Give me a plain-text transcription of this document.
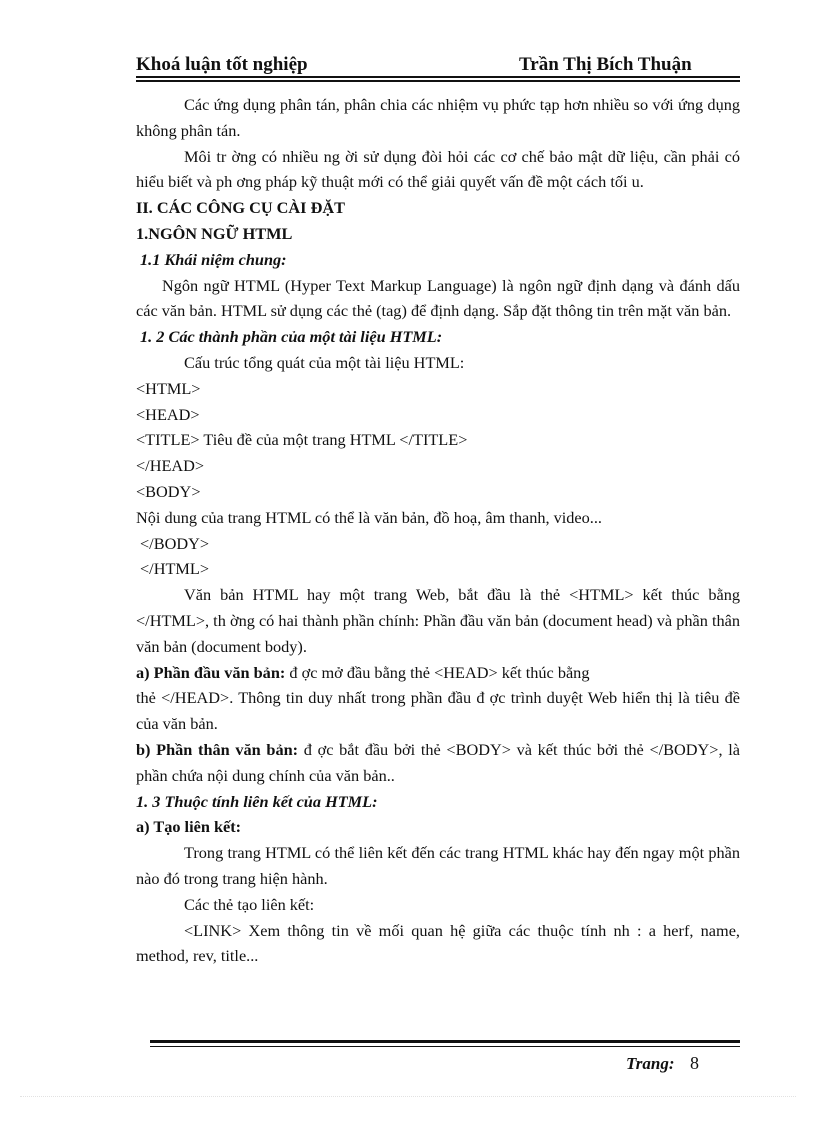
Khoá luận tốt nghiệp	Trần Thị Bích Thuận

Các ứng dụng phân tán, phân chia các nhiệm vụ phức tạp hơn nhiều so với ứng dụng không phân tán.

Môi tr ờng có nhiều ng ời sử dụng đòi hỏi các cơ chế bảo mật dữ liệu, cần phải có hiểu biết và ph ơng pháp kỹ thuật mới có thể giải quyết vấn đề một cách tối u.

II. CÁC CÔNG CỤ CÀI ĐẶT

1.NGÔN NGỮ HTML

1.1 Khái niệm chung:

Ngôn ngữ HTML (Hyper Text Markup Language) là ngôn ngữ định dạng và đánh dấu các văn bản. HTML sử dụng các thẻ (tag) để định dạng. Sắp đặt thông tin trên mặt văn bản.

1. 2 Các thành phần của một tài liệu HTML:

Cấu trúc tổng quát của một tài liệu HTML:

<HTML>

<HEAD>

<TITLE> Tiêu đề của một trang HTML </TITLE>

</HEAD>

<BODY>

Nội dung của trang HTML có thể là văn bản, đồ hoạ, âm thanh, video...

</BODY>

</HTML>

Văn bản HTML hay một trang Web, bắt đầu là thẻ <HTML> kết thúc bằng </HTML>, th ờng có hai thành phần chính: Phần đầu văn bản (document head) và phần thân văn bản (document body).

a) Phần đầu văn bản: đ ợc mở đầu bằng thẻ <HEAD> kết thúc bằng

thẻ </HEAD>. Thông tin duy nhất trong phần đầu đ ợc trình duyệt Web hiển thị là tiêu đề của văn bản.

b) Phần thân văn bản: đ ợc bắt đầu bởi thẻ <BODY> và kết thúc bởi thẻ </BODY>, là phần chứa nội dung chính của văn bản..

1. 3 Thuộc tính liên kết của HTML:

a) Tạo liên kết:

Trong trang HTML có thể liên kết đến các trang HTML khác hay đến ngay một phần nào đó trong trang hiện hành.

Các thẻ tạo liên kết:

<LINK> Xem thông tin về mối quan hệ giữa các thuộc tính nh : a herf, name, method, rev, title...

Trang: 8
